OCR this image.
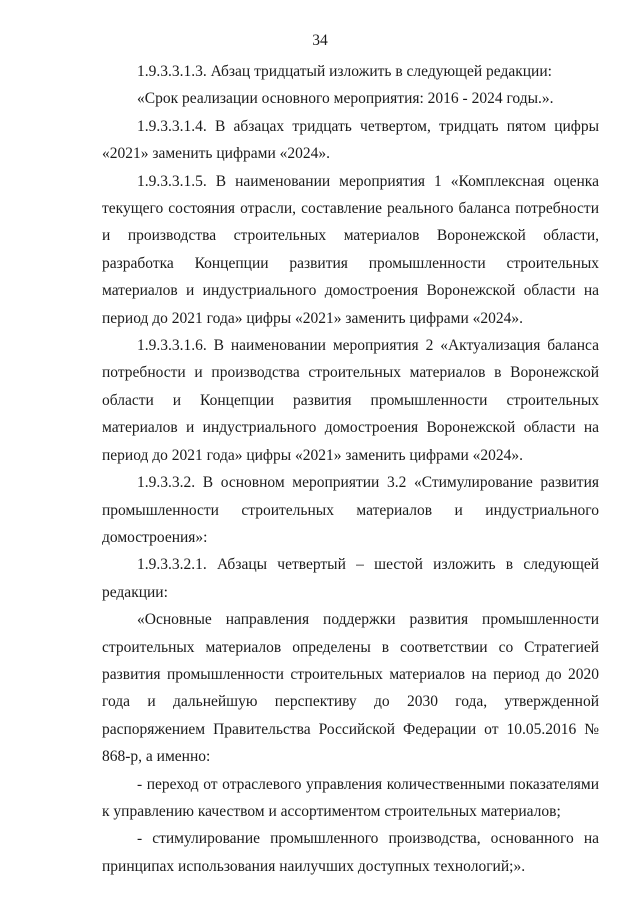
34

1.9.3.3.1.3. Абзац тридцатый изложить в следующей редакции:

«Срок реализации основного мероприятия: 2016 - 2024 годы.».

1.9.3.3.1.4. В абзацах тридцать четвертом, тридцать пятом цифры «2021» заменить цифрами «2024».

1.9.3.3.1.5. В наименовании мероприятия 1 «Комплексная оценка текущего состояния отрасли, составление реального баланса потребности и производства строительных материалов Воронежской области, разработка Концепции развития промышленности строительных материалов и индустриального домостроения Воронежской области на период до 2021 года» цифры «2021» заменить цифрами «2024».

1.9.3.3.1.6. В наименовании мероприятия 2 «Актуализация баланса потребности и производства строительных материалов в Воронежской области и Концепции развития промышленности строительных материалов и индустриального домостроения Воронежской области на период до 2021 года» цифры «2021» заменить цифрами «2024».

1.9.3.3.2. В основном мероприятии 3.2 «Стимулирование развития промышленности строительных материалов и индустриального домостроения»:

1.9.3.3.2.1. Абзацы четвертый – шестой изложить в следующей редакции:

«Основные направления поддержки развития промышленности строительных материалов определены в соответствии со Стратегией развития промышленности строительных материалов на период до 2020 года и дальнейшую перспективу до 2030 года, утвержденной распоряжением Правительства Российской Федерации от 10.05.2016 № 868-р, а именно:

- переход от отраслевого управления количественными показателями к управлению качеством и ассортиментом строительных материалов;

- стимулирование промышленного производства, основанного на принципах использования наилучших доступных технологий;».
